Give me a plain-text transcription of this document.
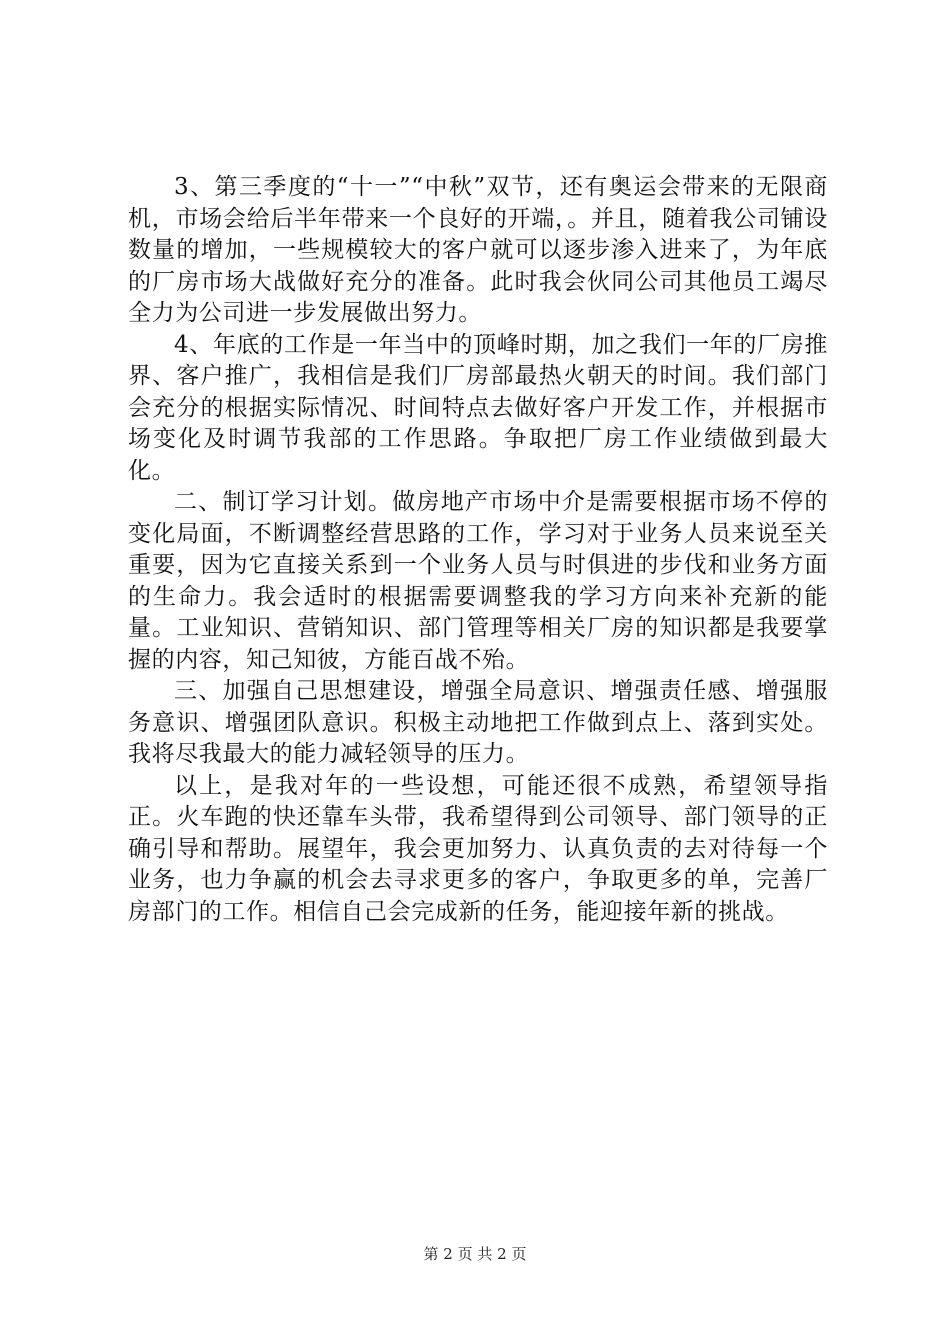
3、第三季度的“十一”“中秋”双节，还有奥运会带来的无限商机，市场会给后半年带来一个良好的开端，。并且，随着我公司铺设数量的增加，一些规模较大的客户就可以逐步渗入进来了，为年底的厂房市场大战做好充分的准备。此时我会伙同公司其他员工竭尽全力为公司进一步发展做出努力。

4、年底的工作是一年当中的顶峰时期，加之我们一年的厂房推界、客户推广，我相信是我们厂房部最热火朝天的时间。我们部门会充分的根据实际情况、时间特点去做好客户开发工作，并根据市场变化及时调节我部的工作思路。争取把厂房工作业绩做到最大化。

二、制订学习计划。做房地产市场中介是需要根据市场不停的变化局面，不断调整经营思路的工作，学习对于业务人员来说至关重要，因为它直接关系到一个业务人员与时俱进的步伐和业务方面的生命力。我会适时的根据需要调整我的学习方向来补充新的能量。工业知识、营销知识、部门管理等相关厂房的知识都是我要掌握的内容，知己知彼，方能百战不殆。

三、加强自己思想建设，增强全局意识、增强责任感、增强服务意识、增强团队意识。积极主动地把工作做到点上、落到实处。我将尽我最大的能力减轻领导的压力。

以上，是我对年的一些设想，可能还很不成熟，希望领导指正。火车跑的快还靠车头带，我希望得到公司领导、部门领导的正确引导和帮助。展望年，我会更加努力、认真负责的去对待每一个业务，也力争赢的机会去寻求更多的客户，争取更多的单，完善厂房部门的工作。相信自己会完成新的任务，能迎接年新的挑战。

第 2 页 共 2 页
